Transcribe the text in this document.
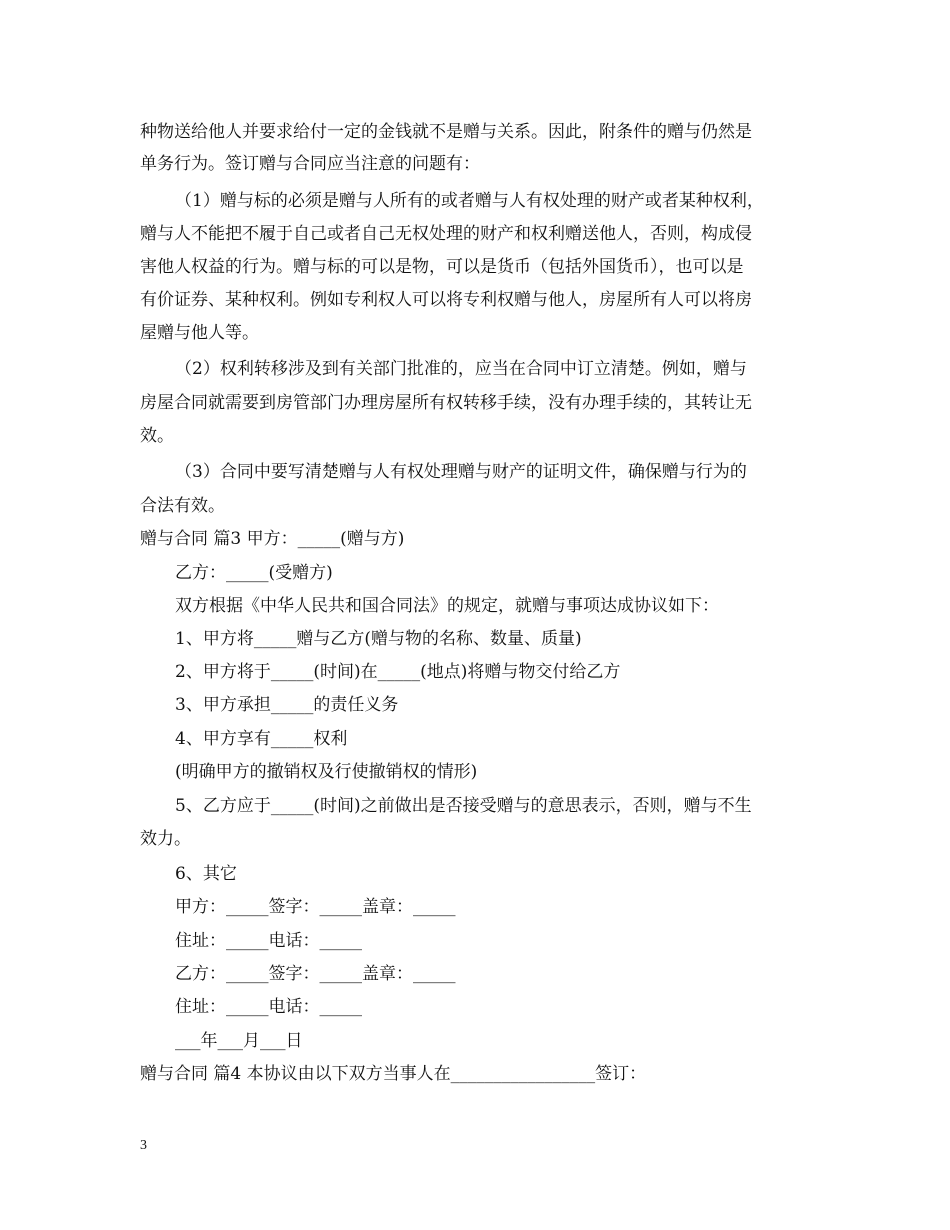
种物送给他人并要求给付一定的金钱就不是赠与关系。因此，附条件的赠与仍然是
单务行为。签订赠与合同应当注意的问题有：
（1）赠与标的必须是赠与人所有的或者赠与人有权处理的财产或者某种权利，
赠与人不能把不履于自己或者自己无权处理的财产和权利赠送他人，否则，构成侵
害他人权益的行为。赠与标的可以是物，可以是货币（包括外国货币），也可以是
有价证券、某种权利。例如专利权人可以将专利权赠与他人，房屋所有人可以将房
屋赠与他人等。
（2）权利转移涉及到有关部门批准的，应当在合同中订立清楚。例如，赠与
房屋合同就需要到房管部门办理房屋所有权转移手续，没有办理手续的，其转让无
效。
（3）合同中要写清楚赠与人有权处理赠与财产的证明文件，确保赠与行为的
合法有效。
赠与合同 篇3 甲方：_____(赠与方)
乙方：_____(受赠方)
双方根据《中华人民共和国合同法》的规定，就赠与事项达成协议如下：
1、甲方将_____赠与乙方(赠与物的名称、数量、质量)
2、甲方将于_____(时间)在_____(地点)将赠与物交付给乙方
3、甲方承担_____的责任义务
4、甲方享有_____权利
(明确甲方的撤销权及行使撤销权的情形)
5、乙方应于_____(时间)之前做出是否接受赠与的意思表示，否则，赠与不生
效力。
6、其它
甲方：_____签字：_____盖章：_____
住址：_____电话：_____
乙方：_____签字：_____盖章：_____
住址：_____电话：_____
___年___月___日
赠与合同 篇4 本协议由以下双方当事人在_________________签订：
3
